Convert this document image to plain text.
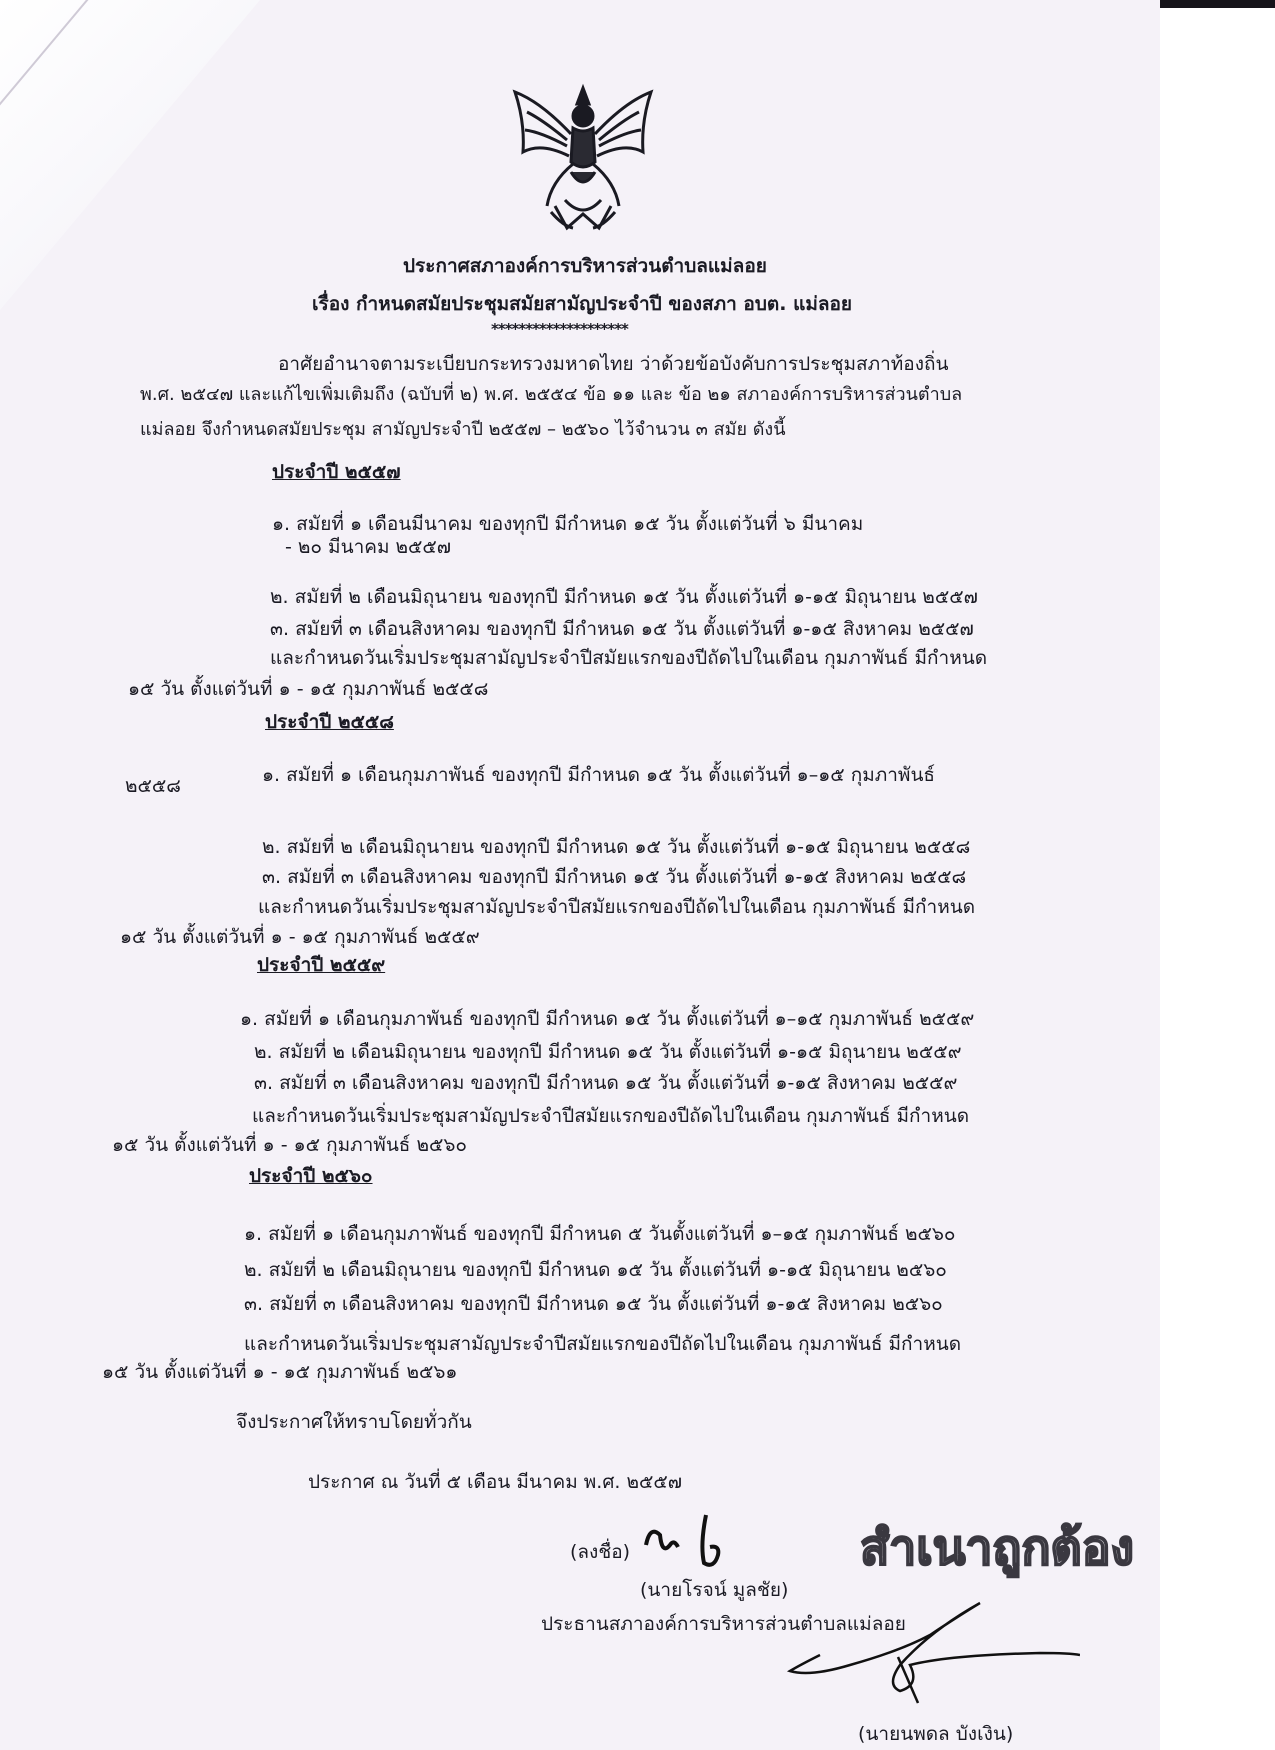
ประกาศสภาองค์การบริหารส่วนตำบลแม่ลอย
เรื่อง กำหนดสมัยประชุมสมัยสามัญประจำปี ของสภา อบต. แม่ลอย
********************
อาศัยอำนาจตามระเบียบกระทรวงมหาดไทย ว่าด้วยข้อบังคับการประชุมสภาท้องถิ่น
พ.ศ. ๒๕๔๗ และแก้ไขเพิ่มเติมถึง (ฉบับที่ ๒) พ.ศ. ๒๕๕๔ ข้อ ๑๑ และ ข้อ ๒๑ สภาองค์การบริหารส่วนตำบล
แม่ลอย จึงกำหนดสมัยประชุม สามัญประจำปี ๒๕๕๗ – ๒๕๖๐ ไว้จำนวน ๓ สมัย ดังนี้
ประจำปี ๒๕๕๗
๑. สมัยที่ ๑ เดือนมีนาคม ของทุกปี มีกำหนด ๑๕ วัน ตั้งแต่วันที่ ๖ มีนาคม
- ๒๐ มีนาคม ๒๕๕๗
๒. สมัยที่ ๒ เดือนมิถุนายน ของทุกปี มีกำหนด ๑๕ วัน ตั้งแต่วันที่ ๑-๑๕ มิถุนายน ๒๕๕๗
๓. สมัยที่ ๓ เดือนสิงหาคม ของทุกปี มีกำหนด ๑๕ วัน ตั้งแต่วันที่ ๑-๑๕ สิงหาคม ๒๕๕๗
และกำหนดวันเริ่มประชุมสามัญประจำปีสมัยแรกของปีถัดไปในเดือน กุมภาพันธ์ มีกำหนด
๑๕ วัน ตั้งแต่วันที่ ๑ - ๑๕ กุมภาพันธ์ ๒๕๕๘
ประจำปี ๒๕๕๘
๑. สมัยที่ ๑ เดือนกุมภาพันธ์ ของทุกปี มีกำหนด ๑๕ วัน ตั้งแต่วันที่ ๑–๑๕ กุมภาพันธ์
๒๕๕๘
๒. สมัยที่ ๒ เดือนมิถุนายน ของทุกปี มีกำหนด ๑๕ วัน ตั้งแต่วันที่ ๑-๑๕ มิถุนายน ๒๕๕๘
๓. สมัยที่ ๓ เดือนสิงหาคม ของทุกปี มีกำหนด ๑๕ วัน ตั้งแต่วันที่ ๑-๑๕ สิงหาคม ๒๕๕๘
และกำหนดวันเริ่มประชุมสามัญประจำปีสมัยแรกของปีถัดไปในเดือน กุมภาพันธ์ มีกำหนด
๑๕ วัน ตั้งแต่วันที่ ๑ - ๑๕ กุมภาพันธ์ ๒๕๕๙
ประจำปี ๒๕๕๙
๑. สมัยที่ ๑ เดือนกุมภาพันธ์ ของทุกปี มีกำหนด ๑๕ วัน ตั้งแต่วันที่ ๑–๑๕ กุมภาพันธ์ ๒๕๕๙
๒. สมัยที่ ๒ เดือนมิถุนายน ของทุกปี มีกำหนด ๑๕ วัน ตั้งแต่วันที่ ๑-๑๕ มิถุนายน ๒๕๕๙
๓. สมัยที่ ๓ เดือนสิงหาคม ของทุกปี มีกำหนด ๑๕ วัน ตั้งแต่วันที่ ๑-๑๕ สิงหาคม ๒๕๕๙
และกำหนดวันเริ่มประชุมสามัญประจำปีสมัยแรกของปีถัดไปในเดือน กุมภาพันธ์ มีกำหนด
๑๕ วัน ตั้งแต่วันที่ ๑ - ๑๕ กุมภาพันธ์ ๒๕๖๐
ประจำปี ๒๕๖๐
๑. สมัยที่ ๑ เดือนกุมภาพันธ์ ของทุกปี มีกำหนด ๕ วันตั้งแต่วันที่ ๑–๑๕ กุมภาพันธ์ ๒๕๖๐
๒. สมัยที่ ๒ เดือนมิถุนายน ของทุกปี มีกำหนด ๑๕ วัน ตั้งแต่วันที่ ๑-๑๕ มิถุนายน ๒๕๖๐
๓. สมัยที่ ๓ เดือนสิงหาคม ของทุกปี มีกำหนด ๑๕ วัน ตั้งแต่วันที่ ๑-๑๕ สิงหาคม ๒๕๖๐
และกำหนดวันเริ่มประชุมสามัญประจำปีสมัยแรกของปีถัดไปในเดือน กุมภาพันธ์ มีกำหนด
๑๕ วัน ตั้งแต่วันที่ ๑ - ๑๕ กุมภาพันธ์ ๒๕๖๑
จึงประกาศให้ทราบโดยทั่วกัน
ประกาศ ณ วันที่ ๕ เดือน มีนาคม พ.ศ. ๒๕๕๗
(ลงชื่อ)	สำเนาถูกต้อง
(นายโรจน์ มูลชัย)
ประธานสภาองค์การบริหารส่วนตำบลแม่ลอย
(นายนพดล บังเงิน)
